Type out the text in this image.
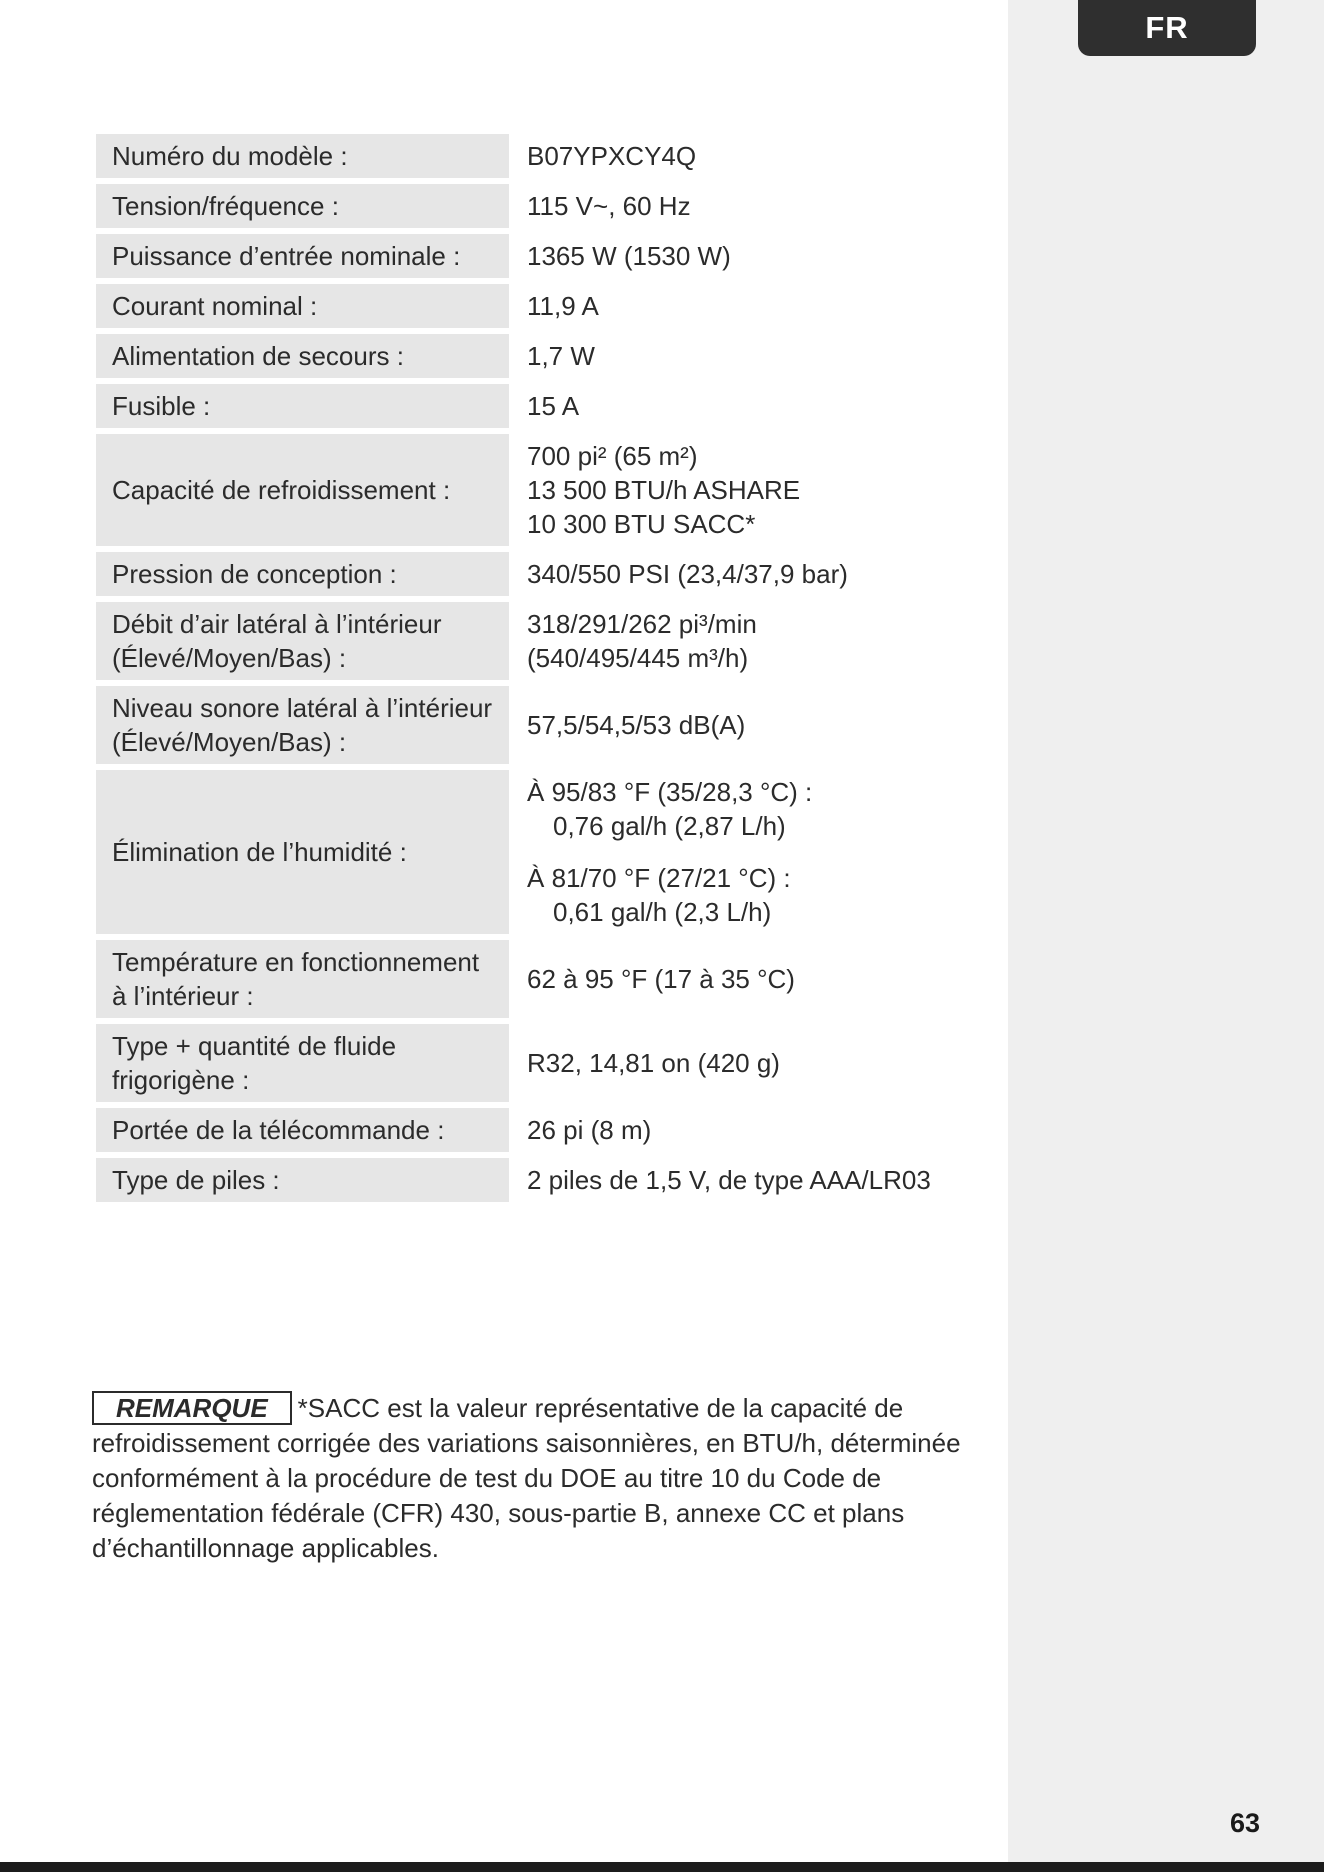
FR
Numéro du modèle :	B07YPXCY4Q

Tension/fréquence :	115 V~, 60 Hz

Puissance d’entrée nominale :	1365 W (1530 W)

Courant nominal :	11,9 A

Alimentation de secours :	1,7 W

Fusible :	15 A

Capacité de refroidissement :	700 pi² (65 m²)
13 500 BTU/h ASHARE
10 300 BTU SACC*

Pression de conception :	340/550 PSI (23,4/37,9 bar)

Débit d’air latéral à l’intérieur (Élevé/Moyen/Bas) :	318/291/262 pi³/min
(540/495/445 m³/h)

Niveau sonore latéral à l’intérieur (Élevé/Moyen/Bas) :	57,5/54,5/53 dB(A)

Élimination de l’humidité :	À 95/83 °F (35/28,3 °C) :
0,76 gal/h (2,87 L/h)
À 81/70 °F (27/21 °C) :
0,61 gal/h (2,3 L/h)

Température en fonctionnement à l’intérieur :	62 à 95 °F (17 à 35 °C)

Type + quantité de fluide frigorigène :	R32, 14,81 on (420 g)

Portée de la télécommande :	26 pi (8 m)

Type de piles :	2 piles de 1,5 V, de type AAA/LR03
REMARQUE *SACC est la valeur représentative de la capacité de refroidissement corrigée des variations saisonnières, en BTU/h, déterminée conformément à la procédure de test du DOE au titre 10 du Code de réglementation fédérale (CFR) 430, sous-partie B, annexe CC et plans d’échantillonnage applicables.
63
